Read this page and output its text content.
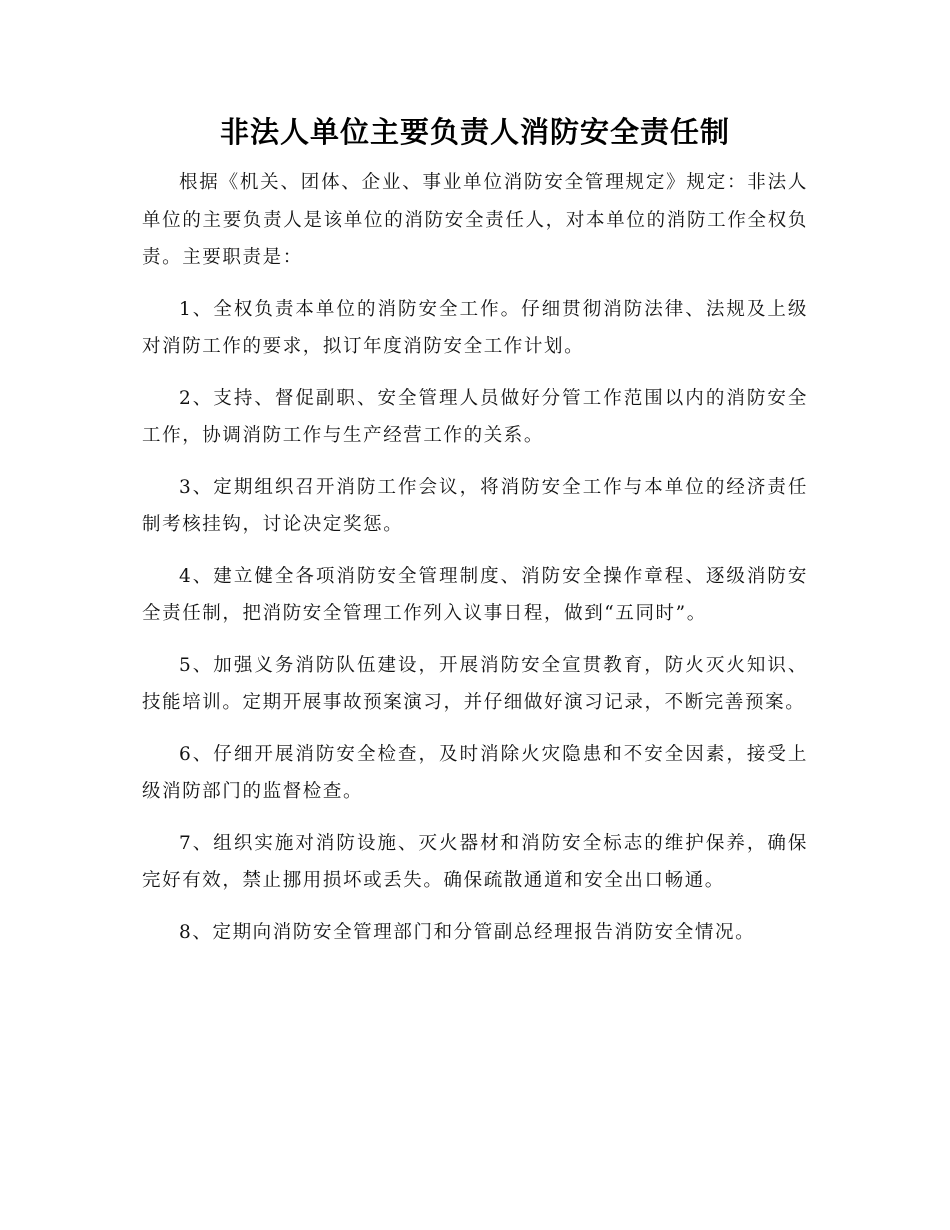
非法人单位主要负责人消防安全责任制

根据《机关、团体、企业、事业单位消防安全管理规定》规定：非法人单位的主要负责人是该单位的消防安全责任人，对本单位的消防工作全权负责。主要职责是：

1、全权负责本单位的消防安全工作。仔细贯彻消防法律、法规及上级对消防工作的要求，拟订年度消防安全工作计划。

2、支持、督促副职、安全管理人员做好分管工作范围以内的消防安全工作，协调消防工作与生产经营工作的关系。

3、定期组织召开消防工作会议，将消防安全工作与本单位的经济责任制考核挂钩，讨论决定奖惩。

4、建立健全各项消防安全管理制度、消防安全操作章程、逐级消防安全责任制，把消防安全管理工作列入议事日程，做到“五同时”。

5、加强义务消防队伍建设，开展消防安全宣贯教育，防火灭火知识、技能培训。定期开展事故预案演习，并仔细做好演习记录，不断完善预案。

6、仔细开展消防安全检查，及时消除火灾隐患和不安全因素，接受上级消防部门的监督检查。

7、组织实施对消防设施、灭火器材和消防安全标志的维护保养，确保完好有效，禁止挪用损坏或丢失。确保疏散通道和安全出口畅通。

8、定期向消防安全管理部门和分管副总经理报告消防安全情况。
